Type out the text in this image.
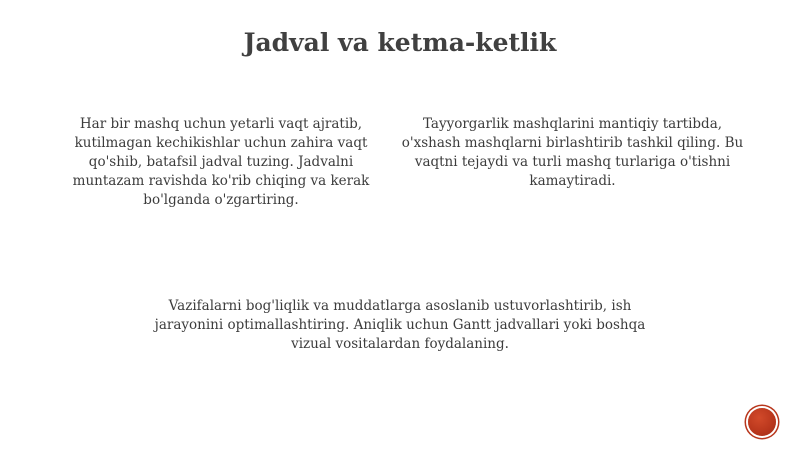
Jadval va ketma-ketlik

Har bir mashq uchun yetarli vaqt ajratib, kutilmagan kechikishlar uchun zahira vaqt qo'shib, batafsil jadval tuzing. Jadvalni muntazam ravishda ko'rib chiqing va kerak bo'lganda o'zgartiring.

Tayyorgarlik mashqlarini mantiqiy tartibda, o'xshash mashqlarni birlashtirib tashkil qiling. Bu vaqtni tejaydi va turli mashq turlariga o'tishni kamaytiradi.

Vazifalarni bog'liqlik va muddatlarga asoslanib ustuvorlashtirib, ish jarayonini optimallashtiring. Aniqlik uchun Gantt jadvallari yoki boshqa vizual vositalardan foydalaning.
